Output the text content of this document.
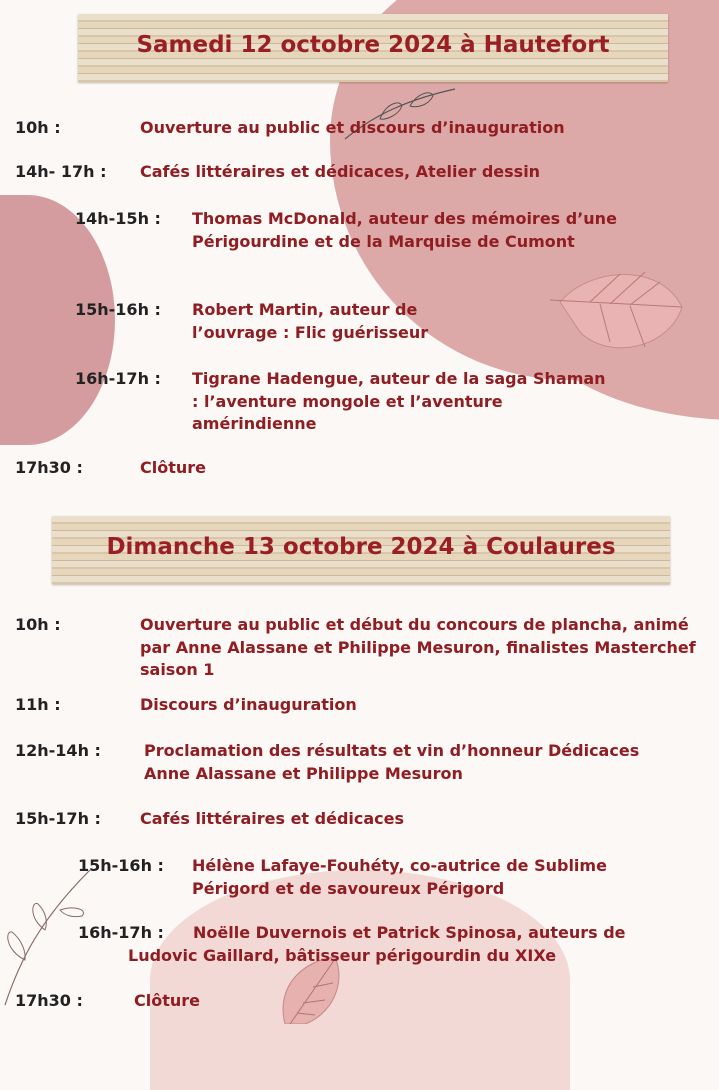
Samedi 12 octobre 2024 à Hautefort
10h :	Ouverture au public et discours d’inauguration
14h- 17h : Cafés littéraires et dédicaces, Atelier dessin
14h-15h : Thomas McDonald, auteur des mémoires d’une Périgourdine et de la Marquise de Cumont
15h-16h : Robert Martin, auteur de l’ouvrage : Flic guérisseur
16h-17h : Tigrane Hadengue, auteur de la saga Shaman : l’aventure mongole et l’aventure amérindienne
17h30 :	Clôture
Dimanche 13 octobre 2024 à Coulaures
10h :	Ouverture au public et début du concours de plancha, animé par Anne Alassane et Philippe Mesuron, finalistes Masterchef saison 1
11h :	Discours d’inauguration
12h-14h :	Proclamation des résultats et vin d’honneur Dédicaces Anne Alassane et Philippe Mesuron
15h-17h : Cafés littéraires et dédicaces
15h-16h : Hélène Lafaye-Fouhéty, co-autrice de Sublime Périgord et de savoureux Périgord
16h-17h :	Noëlle Duvernois et Patrick Spinosa, auteurs de Ludovic Gaillard, bâtisseur périgourdin du XIXe
17h30 :	Clôture
